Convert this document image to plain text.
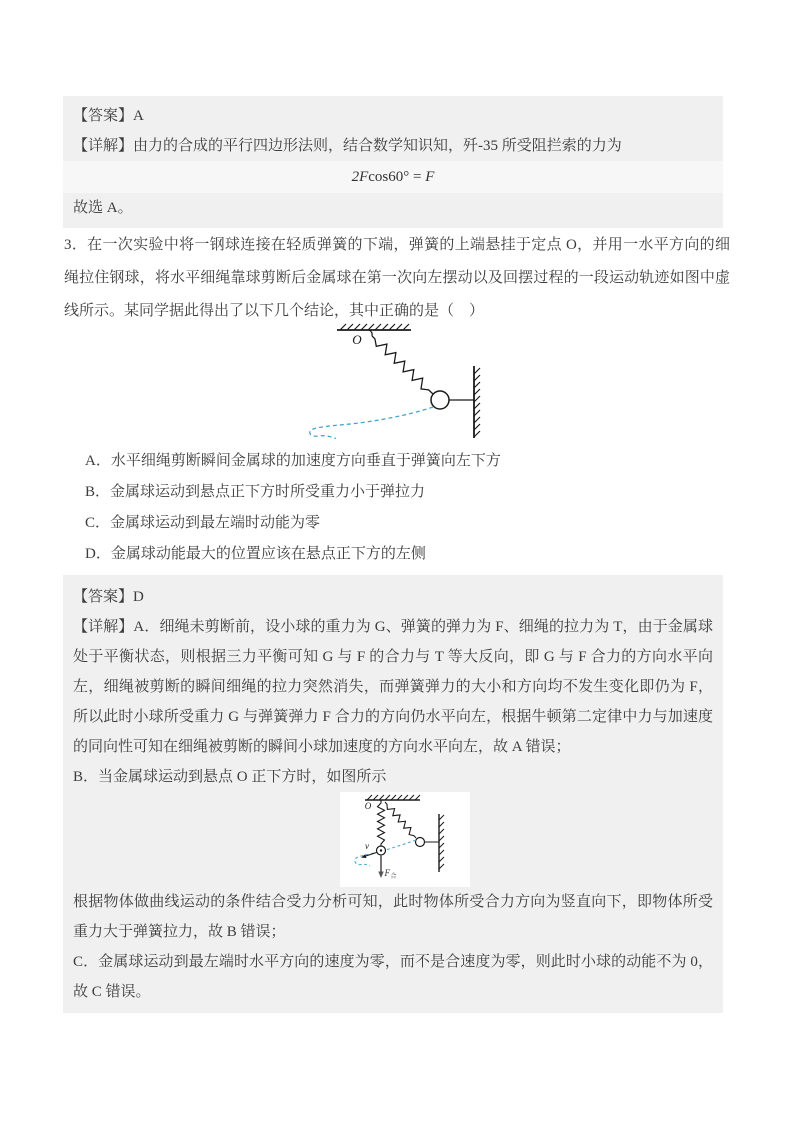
【答案】A

【详解】由力的合成的平行四边形法则，结合数学知识知，歼-35 所受阻拦索的力为

2Fcos60° = F

故选 A。

3．在一次实验中将一钢球连接在轻质弹簧的下端，弹簧的上端悬挂于定点 O，并用一水平方向的细绳拉住钢球，将水平细绳靠球剪断后金属球在第一次向左摆动以及回摆过程的一段运动轨迹如图中虚线所示。某同学据此得出了以下几个结论，其中正确的是（　）

O

A．水平细绳剪断瞬间金属球的加速度方向垂直于弹簧向左下方

B．金属球运动到悬点正下方时所受重力小于弹拉力

C．金属球运动到最左端时动能为零

D．金属球动能最大的位置应该在悬点正下方的左侧

【答案】D

【详解】A．细绳未剪断前，设小球的重力为 G、弹簧的弹力为 F、细绳的拉力为 T，由于金属球处于平衡状态，则根据三力平衡可知 G 与 F 的合力与 T 等大反向，即 G 与 F 合力的方向水平向左，细绳被剪断的瞬间细绳的拉力突然消失，而弹簧弹力的大小和方向均不发生变化即仍为 F，所以此时小球所受重力 G 与弹簧弹力 F 合力的方向仍水平向左，根据牛顿第二定律中力与加速度的同向性可知在细绳被剪断的瞬间小球加速度的方向水平向左，故 A 错误；

B．当金属球运动到悬点 O 正下方时，如图所示

O
v
F 合

根据物体做曲线运动的条件结合受力分析可知，此时物体所受合力方向为竖直向下，即物体所受重力大于弹簧拉力，故 B 错误；

C．金属球运动到最左端时水平方向的速度为零，而不是合速度为零，则此时小球的动能不为 0，故 C 错误。
